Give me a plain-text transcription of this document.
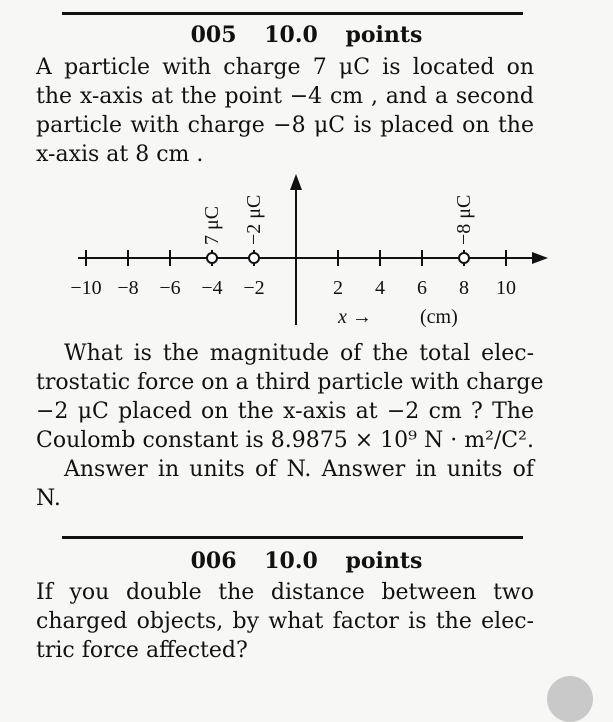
005 10.0 points
A particle with charge 7 μC is located on
the x-axis at the point −4 cm , and a second
particle with charge −8 μC is placed on the
x-axis at 8 cm .
−10 −8 −6 −4 −2	2 4 6 8 10
7 μC −2 μC	−8 μC
x → (cm)
What is the magnitude of the total elec-
trostatic force on a third particle with charge
−2 μC placed on the x-axis at −2 cm ? The
Coulomb constant is 8.9875 × 10⁹ N · m²/C².
Answer in units of N. Answer in units of
N.
006 10.0 points
If you double the distance between two
charged objects, by what factor is the elec-
tric force affected?
